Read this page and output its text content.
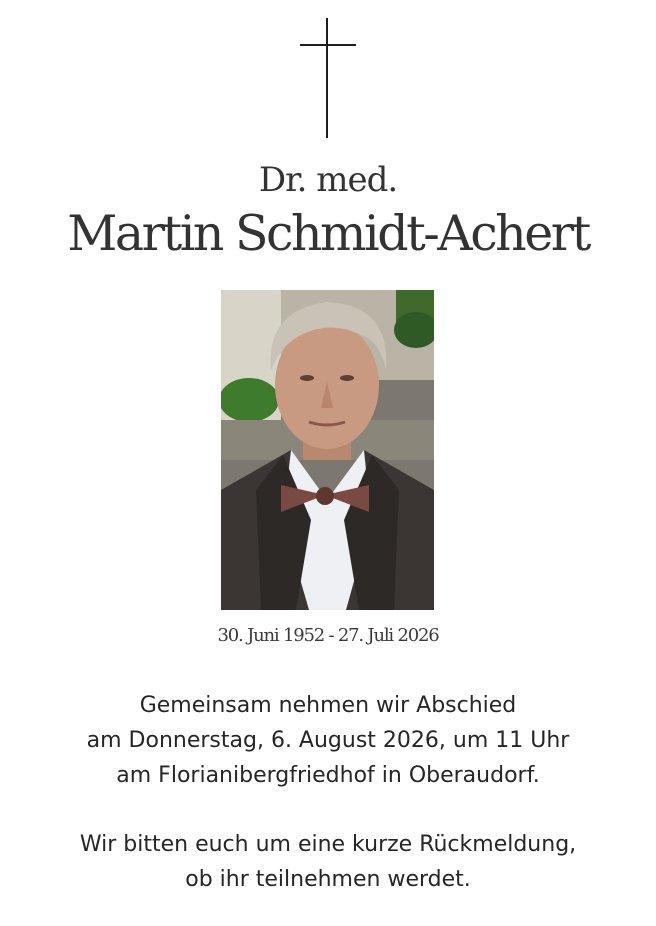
Dr. med.
Martin Schmidt-Achert
30. Juni 1952 - 27. Juli 2026
Gemeinsam nehmen wir Abschied
am Donnerstag, 6. August 2026, um 11 Uhr
am Florianibergfriedhof in Oberaudorf.
Wir bitten euch um eine kurze Rückmeldung,
ob ihr teilnehmen werdet.
